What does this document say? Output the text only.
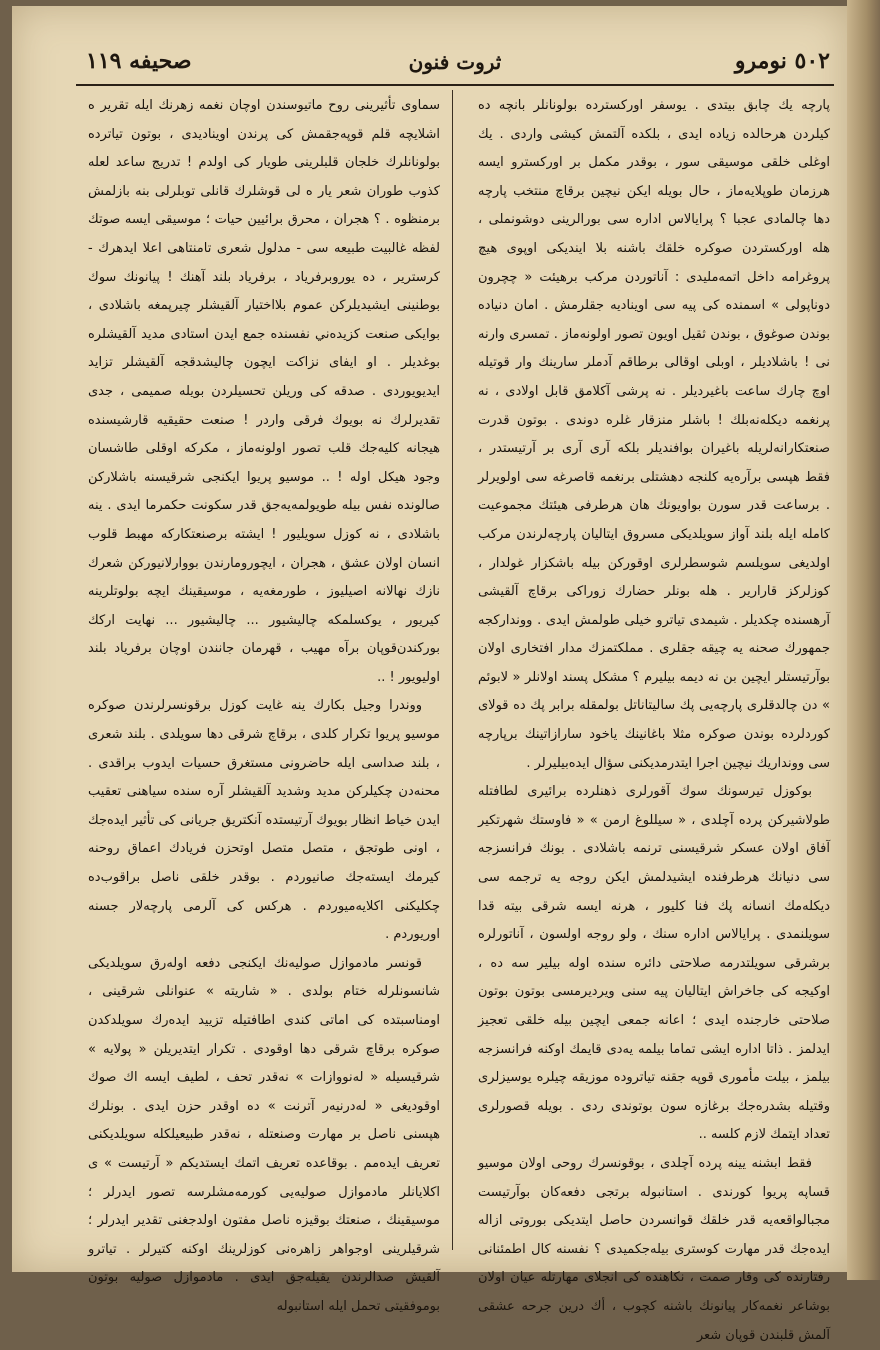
صحيفه ۱۱۹	ثروت فنون	٥٠٢ نومرو

پارچه يك چابق بيتدى . يوسفر اوركسترده بولونانلر بانچه ده كيلردن هرحالده زياده ايدى ، بلكده آلتمش كيشى واردى . يك اوغلى خلقى موسيقى سور ، بوقدر مكمل بر اوركسترو ايسه هرزمان طوپلايه‌ماز ، حال بويله ايكن نيچين برقاچ منتخب پارچه دها چالمادى عجبا ؟ پرايالاس اداره سى بورالرينى دوشونملى ، هله اوركستردن صوكره خلقك باشنه بلا اينديكى اوپوى هيچ پروغرامه داخل اتمه‌مليدى : آناتوردن مركب برهيئت « چچرون دوناپولى » اسمنده كى پيه سى اويناديه جقلرمش . امان دنياده بوندن صوغوق ، بوندن ثقيل اويون تصور اولونه‌ماز . تمسرى وارنه نى ! باشلاديلر ، اوبلى اوقالى برطاقم آدملر سارينك وار قوتيله اوچ چارك ساعت باغيرديلر . نه پرشى آكلامق قابل اولادى ، نه پرنغمه ديكله‌نه‌بلك ! باشلر منزقار غلره دوندى . بوتون قدرت صنعتكارانه‌لريله باغيران بوافنديلر بلكه آرى آرى بر آرتيستدر ، فقط هپسى برآره‌يه كلنجه دهشتلى برنغمه قاصرغه سى اولويرلر . برساعت قدر سورن بواويونك هان هرطرفى هيئتك مجموعيت كامله ايله بلند آواز سويلديكى مسروق ايتاليان پارچه‌لرندن مركب اولديغى سويلسم شوسطرلرى اوقوركن بيله باشكزار غولدار ، كوزلركز قارارير . هله بونلر حضارك زوراكى برقاچ آلقيشى آرهسنده چكديلر . شيمدى تياترو خيلى طولمش ايدى . وونداركجه جمهورك صحنه يه چيقه جقلرى . مملكتمزك مدار افتخارى اولان بوآرتيستلر ايچين بن نه ديمه بيليرم ؟ مشكل پسند اولانلر « لابوئم » دن چالدقلرى پارچه‌يى پك ساليتاناتل بولمقله برابر پك ده قولاى كوردلرده بوندن صوكره مثلا باغانينك ياخود سارازاتينك برپارچه سى وونداريك نيچين اجرا ايتدرمديكنى سؤال ايده‌بيليرلر .

بوكوزل تيرسونك سوك آقورلرى ذهنلرده برائيرى لطافتله طولاشيركن پرده آچلدى ، « سيللوغ ارمن » « فاوستك شهرتكير آفاق اولان عسكر شرقيسنى ترنمه باشلادى . بونك فرانسزجه سى دنيانك هرطرفنده ايشيدلمش ايكن روجه يه ترجمه سى ديكله‌مك انسانه پك فنا كليور ، هرنه ايسه شرقى بيته قدا سويلنمدى . پرايالاس اداره سنك ، ولو روجه اولسون ، آناتورلره برشرقى سويلتدرمه صلاحتى دائره سنده اوله بيلير سه ده ، اوكيجه كى جاخراش ايتاليان پيه سنى ويرديرمسى بوتون بوتون صلاحتى خارجنده ايدى ؛ اعانه جمعى ايچين بيله خلقى تعجيز ايدلمز . ذاتا اداره ايشى تماما بيلمه يه‌دى قايمك اوكنه فرانسزجه بيلمز ، بيلت مأمورى قوپه جقنه تياتروده موزيقه چيلره يوسيزلرى وقتيله بشدره‌جك برغازه سون بوتوندى ردى . بويله قصورلرى تعداد ايتمك لازم كلسه ..

فقط ابشنه يينه پرده آچلدى ، بوقونسرك روحى اولان موسيو قساپه پريوا كورندى . استانبوله برتجى دفعه‌كان بوآرتيست مجبالواقعه‌يه قدر خلقك قوانسردن حاصل ايتديكى بوروتى ازاله ايده‌جك قدر مهارت كوسترى بيله‌جكميدى ؟ نفسنه كال اطمئنانى رفتارنده كى وقار صمت ، نكاهنده كى انجلاى مهارتله عيان اولان بوشاعر نغمه‌كار پيانونك باشنه كچوب ، أك درين جرحه عشقى آلمش قلبندن قوپان شعر

سماوى تأثيرينى روح ماتيوسندن اوچان نغمه زهرنك ايله تقرير ه اشلايچه قلم قوپه‌جقمش كى پرندن اويناديدى ، بوتون تياترده بولونانلرك خلجان قلبلرينى طويار كى اولدم ! تدريج ساعد لعله كذوب طوران شعر يار ه لى قوشلرك قانلى توبلرلى بنه بازلمش برمنظوه . ؟ هجران ، محرق برائيين حيات ؛ موسيقى ايسه صوتك لفظه غالبيت طبيعه سى - مدلول شعرى تامنتاهى اعلا ايدهرك - كرسترير ، ده يوروبرفرياد ، برفرياد بلند آهنك ! پيانونك سوك بوطنينى ايشيديلركن عموم بلااختيار آلقيشلر چيرپمغه باشلادى ، بوايكى صنعت كزيده‌ني نفسنده جمع ايدن استادى مديد آلقيشلره بوغديلر . او ايفاى نزاكت ايچون چاليشدقجه آلقيشلر تزايد ايديويوردى . صدقه كى وريلن تحسيلردن بويله صميمى ، جدى تقديرلرك نه بويوك فرقى واردر ! صنعت حقيقيه قارشيسنده هيجانه كليه‌جك قلب تصور اولونه‌ماز ، مكركه اوقلى طاشسان وجود هيكل اوله ! .. موسيو پريوا ايكنجى شرقيسنه باشلاركن صالونده نفس بيله طويولمه‌يه‌جق قدر سكونت حكمرما ايدى . ينه باشلادى ، نه كوزل سويليور ! ايشته برصنعتكاركه مهبط قلوب انسان اولان عشق ، هجران ، ايچورومارندن بووارلانيوركن شعرك نازك نهالانه اصيليوز ، طورمغه‌يه ، موسيقينك ايچه بولوتلرينه كيريور ، يوكسلمكه چاليشيور ... چاليشيور ... نهايت اركك بوركندن‌قوپان برآه مهيب ، قهرمان جانندن اوچان برفرياد بلند اوليويور ! ..

ووندرا وجيل بكارك ينه غايت كوزل برقونسرلرندن صوكره موسيو پريوا تكرار كلدى ، برقاچ شرقى دها سويلدى . بلند شعرى ، بلند صداسى ايله حاضرونى مستغرق حسيات ايدوب براقدى . محنه‌دن چكيلركن مديد وشديد آلقيشلر آره سنده سياهنى تعقيب ايدن خياط انظار بويوك آرتيستده آنكتريق جريانى كى تأثير ايده‌جك ، اونى طوتجق ، متصل متصل اوتحزن فريادك اعماق روحنه كيرمك ايسته‌جك صانيوردم . بوقدر خلقى ناصل براقوب‌ده چكليكنى اكلايه‌ميوردم . هركس كى آلرمى پارچه‌لار جسنه اوريوردم .

قونسر مادموازل صوليه‌نك ايكنجى دفعه اوله‌رق سويلديكى شانسونلرله ختام بولدى . « شاريته » عنوانلى شرقينى ، اومناسبتده كى اماتى كندى اطافتيله تزييد ايده‌رك سويلدكدن صوكره برقاچ شرقى دها اوقودى . تكرار ايتديريلن « پولايه » شرقيسيله « له‌نووازات » نه‌قدر تحف ، لطيف ايسه اك صوك اوقوديغى « له‌درنيه‌ر آترنت » ده اوقدر حزن ايدى . بونلرك هپسنى ناصل بر مهارت وصنعتله ، نه‌قدر طبيعيلكله سويلديكنى تعريف ايده‌مم . بوقاعده تعريف اتمك ايستديكم « آرتيست » ى اكلايانلر مادموازل صوليه‌يى كورمه‌مشلرسه تصور ايدرلر ؛ موسيقينك ، صنعتك بوقيزه ناصل مفتون اولدجغنى تقدير ايدرلر ؛ شرقيلرينى اوجواهر زاهره‌نى كوزلرينك اوكنه كتيرلر . تياترو آلقيش صدالرندن يقيله‌جق ايدى . مادموازل صوليه بوتون بوموفقيتى تحمل ايله استانبوله
